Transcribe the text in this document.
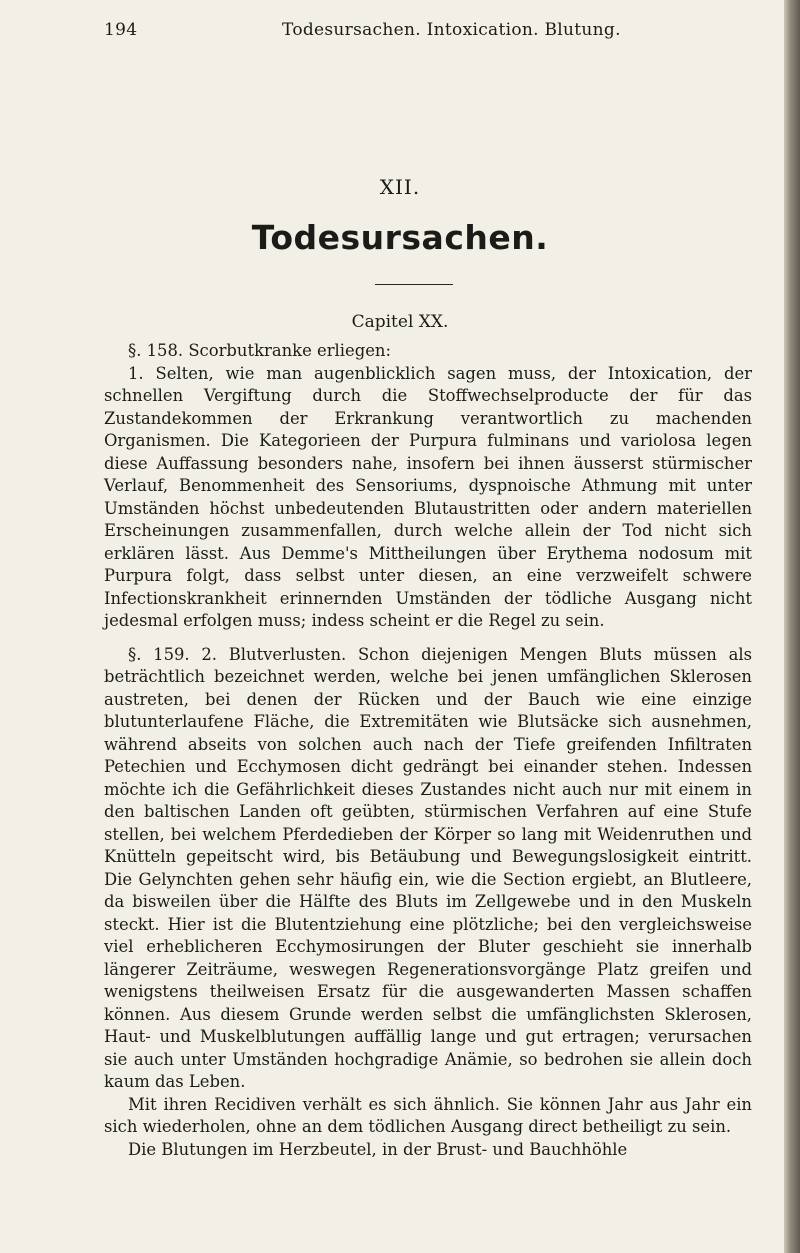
194	Todesursachen. Intoxication. Blutung.
XII.
Todesursachen.
Capitel XX.

§. 158. Scorbutkranke erliegen:

1. Selten, wie man augenblicklich sagen muss, der Intoxication, der schnellen Vergiftung durch die Stoffwechselproducte der für das Zustandekommen der Erkrankung verantwortlich zu machenden Organismen. Die Kategorieen der Purpura fulminans und variolosa legen diese Auffassung besonders nahe, insofern bei ihnen äusserst stürmischer Verlauf, Benommenheit des Sensoriums, dyspnoische Athmung mit unter Umständen höchst unbedeutenden Blutaustritten oder andern materiellen Erscheinungen zusammenfallen, durch welche allein der Tod nicht sich erklären lässt. Aus Demme's Mittheilungen über Erythema nodosum mit Purpura folgt, dass selbst unter diesen, an eine verzweifelt schwere Infectionskrankheit erinnernden Umständen der tödliche Ausgang nicht jedesmal erfolgen muss; indess scheint er die Regel zu sein.

§. 159. 2. Blutverlusten. Schon diejenigen Mengen Bluts müssen als beträchtlich bezeichnet werden, welche bei jenen umfänglichen Sklerosen austreten, bei denen der Rücken und der Bauch wie eine einzige blutunterlaufene Fläche, die Extremitäten wie Blutsäcke sich ausnehmen, während abseits von solchen auch nach der Tiefe greifenden Infiltraten Petechien und Ecchymosen dicht gedrängt bei einander stehen. Indessen möchte ich die Gefährlichkeit dieses Zustandes nicht auch nur mit einem in den baltischen Landen oft geübten, stürmischen Verfahren auf eine Stufe stellen, bei welchem Pferdedieben der Körper so lang mit Weidenruthen und Knütteln gepeitscht wird, bis Betäubung und Bewegungslosigkeit eintritt. Die Gelynchten gehen sehr häufig ein, wie die Section ergiebt, an Blutleere, da bisweilen über die Hälfte des Bluts im Zellgewebe und in den Muskeln steckt. Hier ist die Blutentziehung eine plötzliche; bei den vergleichsweise viel erheblicheren Ecchymosirungen der Bluter geschieht sie innerhalb längerer Zeiträume, weswegen Regenerationsvorgänge Platz greifen und wenigstens theilweisen Ersatz für die ausgewanderten Massen schaffen können. Aus diesem Grunde werden selbst die umfänglichsten Sklerosen, Haut- und Muskelblutungen auffällig lange und gut ertragen; verursachen sie auch unter Umständen hochgradige Anämie, so bedrohen sie allein doch kaum das Leben.

Mit ihren Recidiven verhält es sich ähnlich. Sie können Jahr aus Jahr ein sich wiederholen, ohne an dem tödlichen Ausgang direct betheiligt zu sein.

Die Blutungen im Herzbeutel, in der Brust- und Bauchhöhle
